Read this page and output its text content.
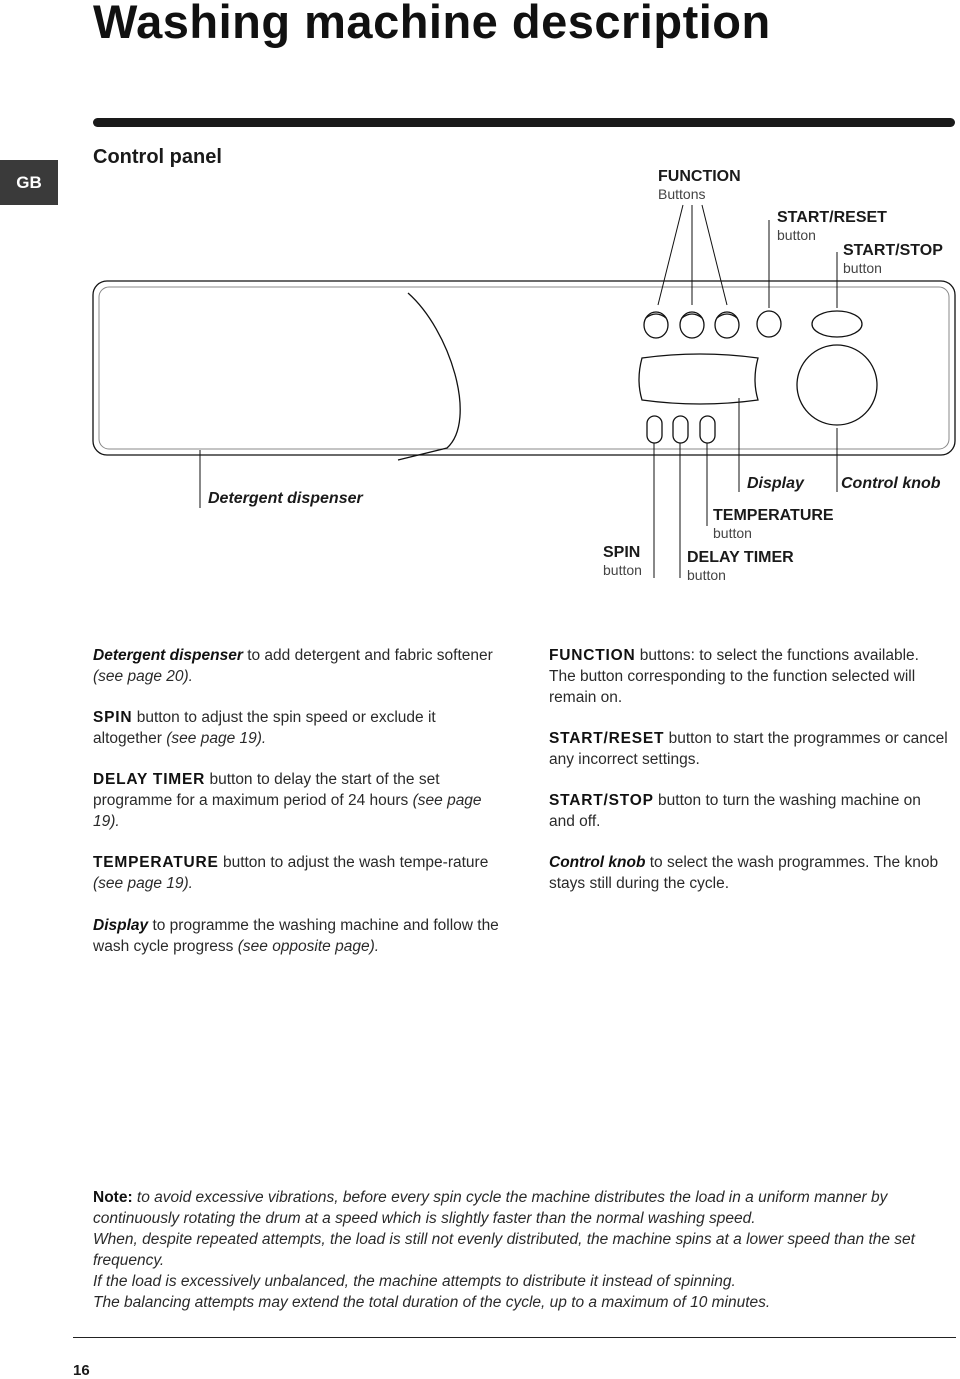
Washing machine description
GB
Control panel
FUNCTION
Buttons
START/RESET
button
START/STOP
button
Detergent dispenser
Display Control knob
TEMPERATURE
button
SPIN
button
DELAY TIMER
button

Detergent dispenser to add detergent and fabric softener (see page 20).

SPIN button to adjust the spin speed or exclude it altogether (see page 19).

DELAY TIMER button to delay the start of the set programme for a maximum period of 24 hours (see page 19).

TEMPERATURE button to adjust the wash tempe-rature (see page 19).

Display to programme the washing machine and follow the wash cycle progress (see opposite page).

FUNCTION buttons: to select the functions available. The button corresponding to the function selected will remain on.

START/RESET button to start the programmes or cancel any incorrect settings.

START/STOP button to turn the washing machine on and off.

Control knob to select the wash programmes. The knob stays still during the cycle.

Note: to avoid excessive vibrations, before every spin cycle the machine distributes the load in a uniform manner by continuously rotating the drum at a speed which is slightly faster than the normal washing speed.

When, despite repeated attempts, the load is still not evenly distributed, the machine spins at a lower speed than the set frequency.

If the load is excessively unbalanced, the machine attempts to distribute it instead of spinning.

The balancing attempts may extend the total duration of the cycle, up to a maximum of 10 minutes.

16
